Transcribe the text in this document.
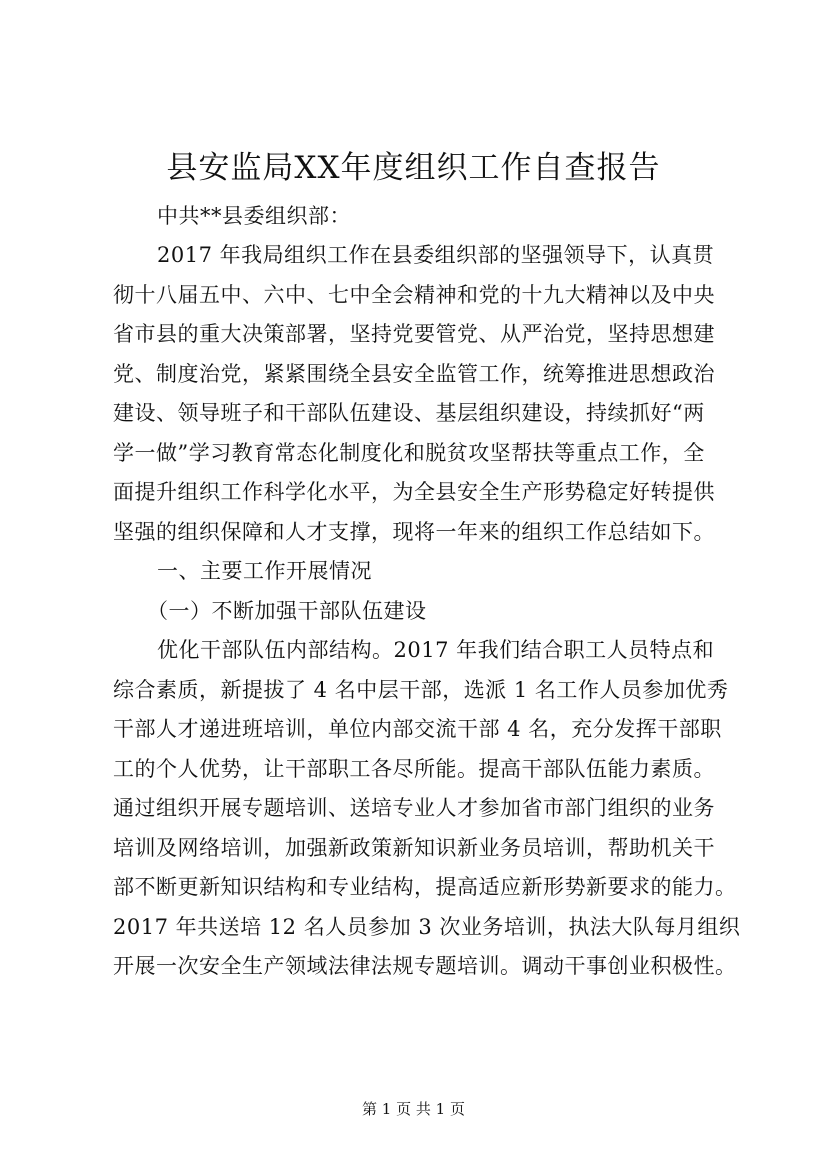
县安监局XX年度组织工作自查报告

中共**县委组织部：

2017 年我局组织工作在县委组织部的坚强领导下，认真贯

彻十八届五中、六中、七中全会精神和党的十九大精神以及中央

省市县的重大决策部署，坚持党要管党、从严治党，坚持思想建

党、制度治党，紧紧围绕全县安全监管工作，统筹推进思想政治

建设、领导班子和干部队伍建设、基层组织建设，持续抓好“两

学一做”学习教育常态化制度化和脱贫攻坚帮扶等重点工作，全

面提升组织工作科学化水平，为全县安全生产形势稳定好转提供

坚强的组织保障和人才支撑，现将一年来的组织工作总结如下。

一、主要工作开展情况

（一）不断加强干部队伍建设

优化干部队伍内部结构。2017 年我们结合职工人员特点和

综合素质，新提拔了 4 名中层干部，选派 1 名工作人员参加优秀

干部人才递进班培训，单位内部交流干部 4 名，充分发挥干部职

工的个人优势，让干部职工各尽所能。提高干部队伍能力素质。

通过组织开展专题培训、送培专业人才参加省市部门组织的业务

培训及网络培训，加强新政策新知识新业务员培训，帮助机关干

部不断更新知识结构和专业结构，提高适应新形势新要求的能力。

2017 年共送培 12 名人员参加 3 次业务培训，执法大队每月组织

开展一次安全生产领域法律法规专题培训。调动干事创业积极性。

第 1 页 共 1 页
